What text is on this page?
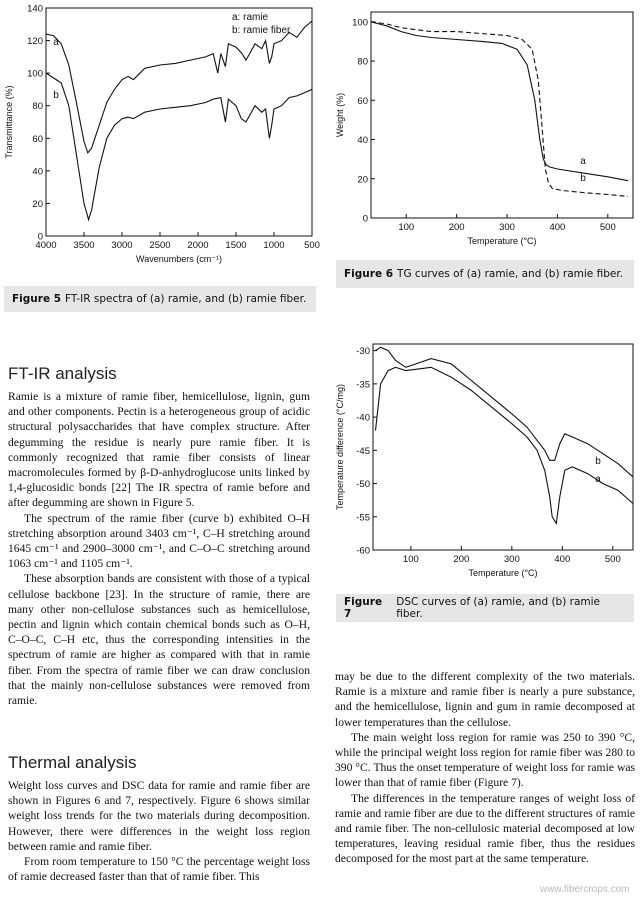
4000 3500 3000 2500 2000 1500 1000 500
0
20
40
60
80
100
120
140
Wavenumbers (cm⁻¹)
Transmittance (%)
a: ramie
b: ramie fiber
a
b
Figure 5 FT-IR spectra of (a) ramie, and (b) ramie fiber.
100	200	300	400	500
0
20
40
60
80
100
Temperature (°C)
Weight (%)
a
b
Figure 6 TG curves of (a) ramie, and (b) ramie fiber.
100	200	300	400	500
-60
-55
-50
-45
-40
-35
-30
Temperature (°C)
Temperature difference (°C/mg)	b
a
Figure 7
DSC curves of (a) ramie, and (b) ramie fiber.
FT-IR analysis

Ramie is a mixture of ramie fiber, hemicellulose, lignin, gum and other components. Pectin is a heterogeneous group of acidic structural polysaccharides that have complex structure. After degumming the residue is nearly pure ramie fiber. It is commonly recognized that ramie fiber consists of linear macromolecules formed by β-D-anhydroglucose units linked by 1,4-glucosidic bonds [22] The IR spectra of ramie before and after degumming are shown in Figure 5.

The spectrum of the ramie fiber (curve b) exhibited O–H stretching absorption around 3403 cm⁻¹, C–H stretching around 1645 cm⁻¹ and 2900–3000 cm⁻¹, and C–O–C stretching around 1063 cm⁻¹ and 1105 cm⁻¹.

These absorption bands are consistent with those of a typical cellulose backbone [23]. In the structure of ramie, there are many other non-cellulose substances such as hemicellulose, pectin and lignin which contain chemical bonds such as O–H, C–O–C, C–H etc, thus the corresponding intensities in the spectrum of ramie are higher as compared with that in ramie fiber. From the spectra of ramie fiber we can draw conclusion that the mainly non-cellulose substances were removed from ramie.

Thermal analysis

Weight loss curves and DSC data for ramie and ramie fiber are shown in Figures 6 and 7, respectively. Figure 6 shows similar weight loss trends for the two materials during decomposition. However, there were differences in the weight loss region between ramie and ramie fiber.

From room temperature to 150 °C the percentage weight loss of ramie decreased faster than that of ramie fiber. This

may be due to the different complexity of the two materials. Ramie is a mixture and ramie fiber is nearly a pure substance, and the hemicellulose, lignin and gum in ramie decomposed at lower temperatures than the cellulose.

The main weight loss region for ramie was 250 to 390 °C, while the principal weight loss region for ramie fiber was 280 to 390 °C. Thus the onset temperature of weight loss for ramie was lower than that of ramie fiber (Figure 7).

The differences in the temperature ranges of weight loss of ramie and ramie fiber are due to the different structures of ramie and ramie fiber. The non-cellulosic material decomposed at low temperatures, leaving residual ramie fiber, thus the residues decomposed for the most part at the same temperature.

www.fibercrops.com
